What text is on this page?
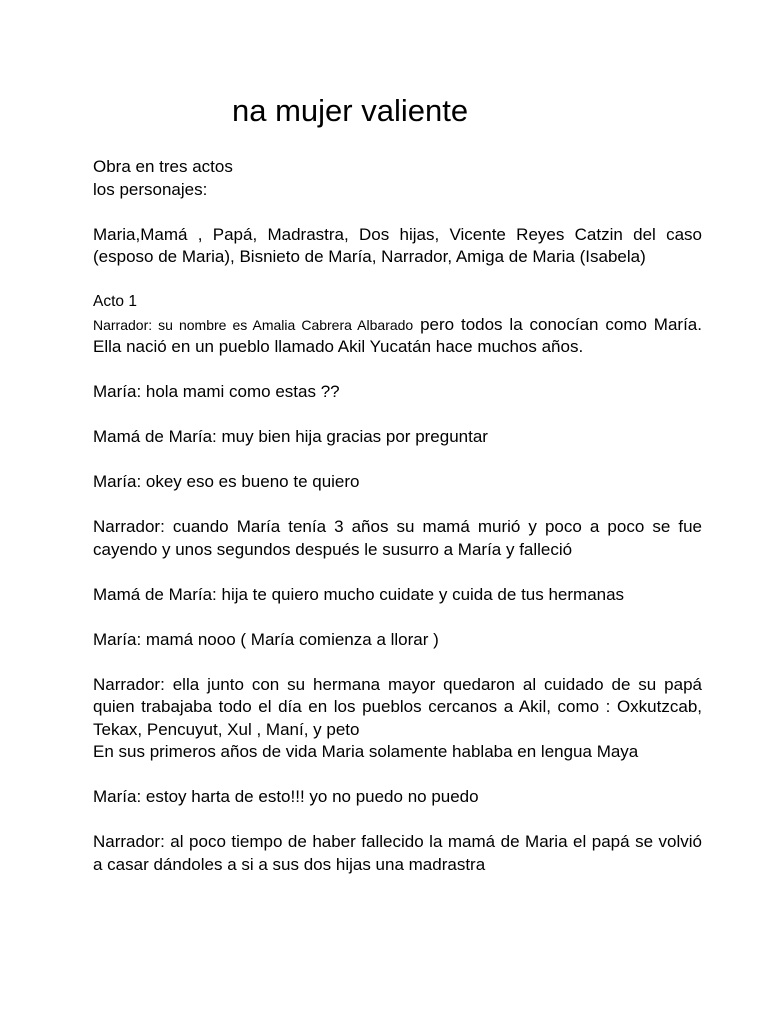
na mujer valiente

Obra en tres actos

los personajes:

Maria,Mamá , Papá, Madrastra, Dos hijas, Vicente Reyes Catzin del caso (esposo de Maria), Bisnieto de María, Narrador, Amiga de Maria (Isabela)

Acto 1

Narrador: su nombre es Amalia Cabrera Albarado pero todos la conocían como María. Ella nació en un pueblo llamado Akil Yucatán hace muchos años.

María: hola mami como estas ??

Mamá de María: muy bien hija gracias por preguntar

María: okey eso es bueno te quiero

Narrador: cuando María tenía 3 años su mamá murió y poco a poco se fue cayendo y unos segundos después le susurro a María y falleció

Mamá de María: hija te quiero mucho cuidate y cuida de tus hermanas

María: mamá nooo ( María comienza a llorar )

Narrador: ella junto con su hermana mayor quedaron al cuidado de su papá quien trabajaba todo el día en los pueblos cercanos a Akil, como : Oxkutzcab, Tekax, Pencuyut, Xul , Maní, y peto

En sus primeros años de vida Maria solamente hablaba en lengua Maya

María: estoy harta de esto!!! yo no puedo no puedo

Narrador: al poco tiempo de haber fallecido la mamá de Maria el papá se volvió a casar dándoles a si a sus dos hijas una madrastra
